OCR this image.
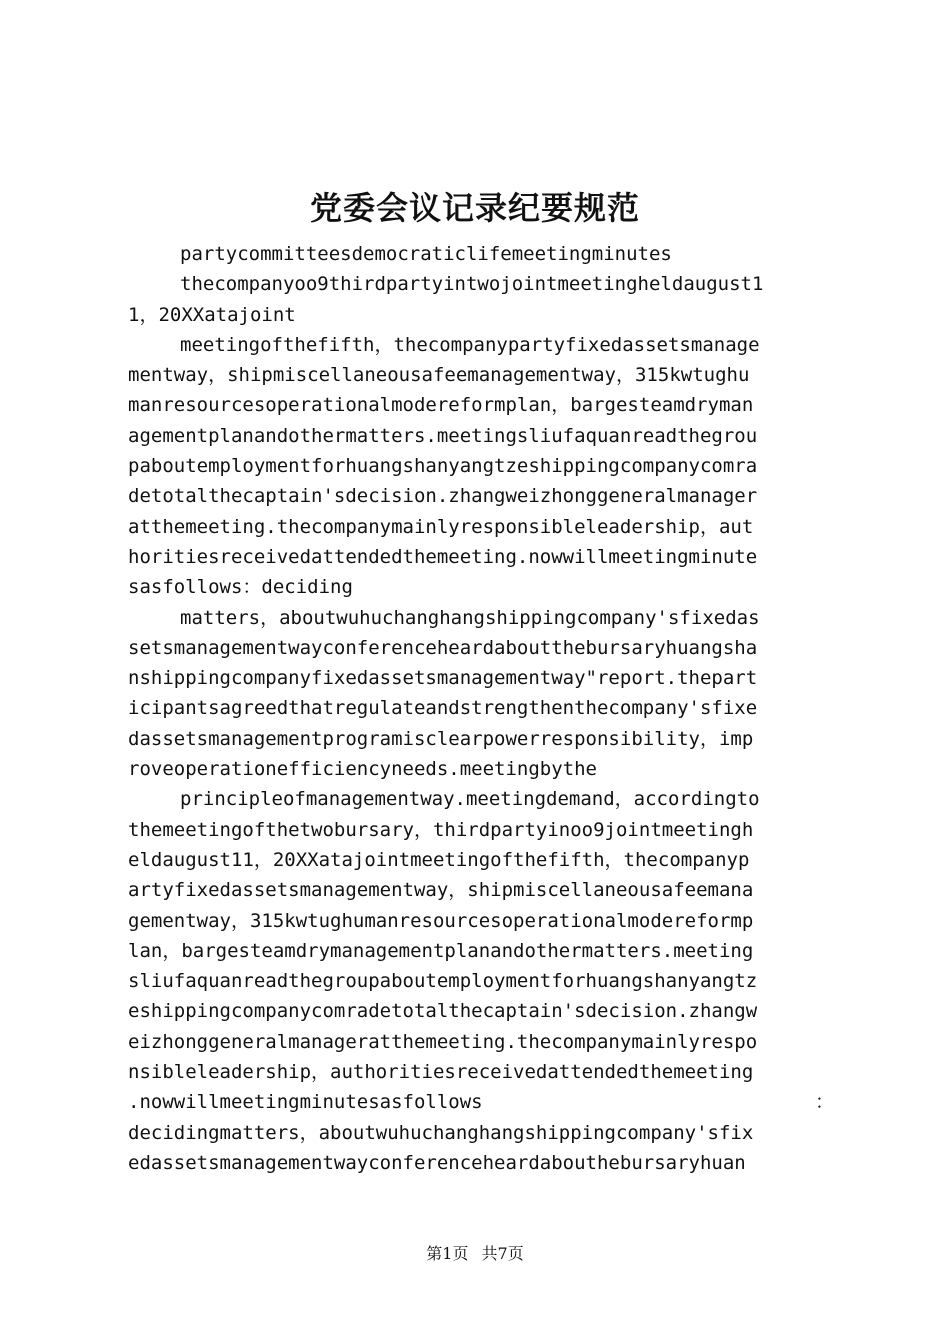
党委会议记录纪要规范
partycommitteesdemocraticlifemeetingminutes
thecompanyoo9thirdpartyintwojointmeetingheldaugust1
1，20XXatajoint
meetingofthefifth，thecompanypartyfixedassetsmanage
mentway，shipmiscellaneousafeemanagementway，315kwtughu
manresourcesoperationalmodereformplan，bargesteamdryman
agementplanandothermatters.meetingsliufaquanreadthegrou
paboutemploymentforhuangshanyangtzeshippingcompanycomra
detotalthecaptain'sdecision.zhangweizhonggeneralmanager
atthemeeting.thecompanymainlyresponsibleleadership，aut
horitiesreceivedattendedthemeeting.nowwillmeetingminute
sasfollows：deciding
matters，aboutwuhuchanghangshippingcompany'sfixedas
setsmanagementwayconferenceheardaboutthebursaryhuangsha
nshippingcompanyfixedassetsmanagementway"report.thepart
icipantsagreedthatregulateandstrengthenthecompany'sfixe
dassetsmanagementprogramisclearpowerresponsibility，imp
roveoperationefficiencyneeds.meetingbythe
principleofmanagementway.meetingdemand，accordingto
themeetingofthetwobursary，thirdpartyinoo9jointmeetingh
eldaugust11，20XXatajointmeetingofthefifth，thecompanyp
artyfixedassetsmanagementway，shipmiscellaneousafeemana
gementway，315kwtughumanresourcesoperationalmodereformp
lan，bargesteamdrymanagementplanandothermatters.meeting
sliufaquanreadthegroupaboutemploymentforhuangshanyangtz
eshippingcompanycomradetotalthecaptain'sdecision.zhangw
eizhonggeneralmanageratthemeeting.thecompanymainlyrespo
nsibleleadership，authoritiesreceivedattendedthemeeting
.nowwillmeetingminutesasfollows	：
decidingmatters，aboutwuhuchanghangshippingcompany'sfix
edassetsmanagementwayconferenceheardabouthebursaryhuan
第1页 共7页
